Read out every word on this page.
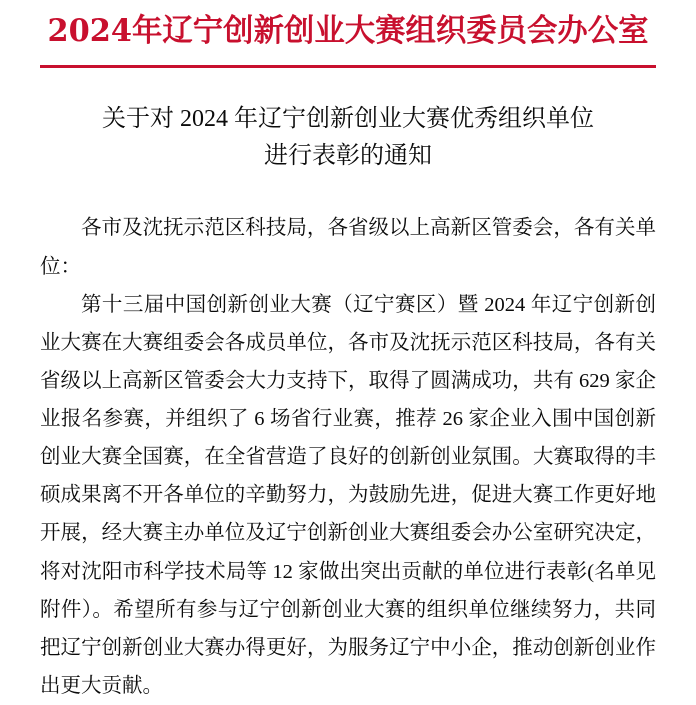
2024年辽宁创新创业大赛组织委员会办公室
关于对 2024 年辽宁创新创业大赛优秀组织单位
进行表彰的通知

各市及沈抚示范区科技局，各省级以上高新区管委会，各有关单位：

第十三届中国创新创业大赛（辽宁赛区）暨 2024 年辽宁创新创业大赛在大赛组委会各成员单位，各市及沈抚示范区科技局，各有关省级以上高新区管委会大力支持下，取得了圆满成功，共有 629 家企业报名参赛，并组织了 6 场省行业赛，推荐 26 家企业入围中国创新创业大赛全国赛，在全省营造了良好的创新创业氛围。大赛取得的丰硕成果离不开各单位的辛勤努力，为鼓励先进，促进大赛工作更好地开展，经大赛主办单位及辽宁创新创业大赛组委会办公室研究决定，将对沈阳市科学技术局等 12 家做出突出贡献的单位进行表彰(名单见附件）。希望所有参与辽宁创新创业大赛的组织单位继续努力，共同把辽宁创新创业大赛办得更好，为服务辽宁中小企，推动创新创业作出更大贡献。
